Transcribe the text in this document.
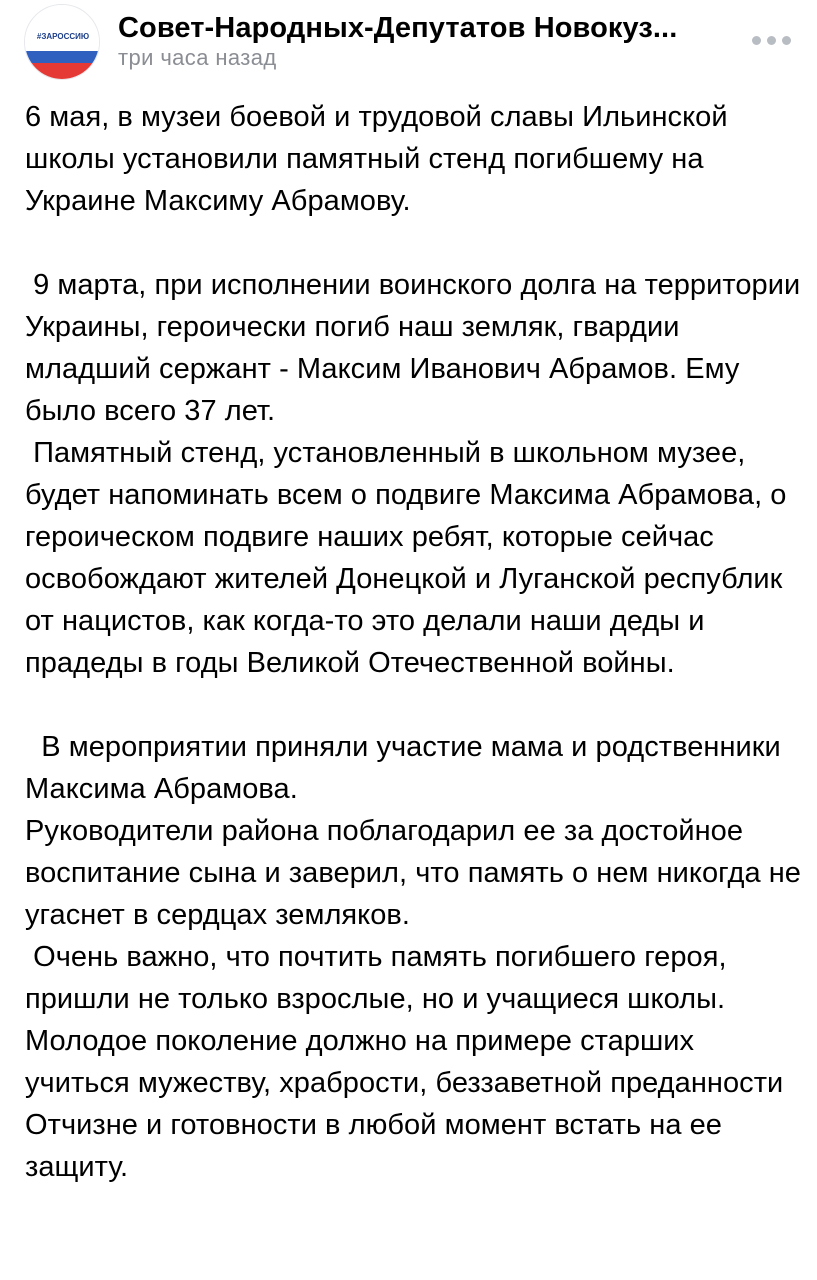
#ЗАРОССИЮ Совет-Народных-Депутатов Новокуз...
три часа назад
6 мая, в музеи боевой и трудовой славы Ильинской школы установили памятный стенд погибшему на Украине Максиму Абрамову.
9 марта, при исполнении воинского долга на территории Украины, героически погиб наш земляк, гвардии младший сержант - Максим Иванович Абрамов. Ему было всего 37 лет.
Памятный стенд, установленный в школьном музее, будет напоминать всем о подвиге Максима Абрамова, о героическом подвиге наших ребят, которые сейчас освобождают жителей Донецкой и Луганской республик от нацистов, как когда-то это делали наши деды и прадеды в годы Великой Отечественной войны.
В мероприятии приняли участие мама и родственники Максима Абрамова.
Руководители района поблагодарил ее за достойное воспитание сына и заверил, что память о нем никогда не угаснет в сердцах земляков.
Очень важно, что почтить память погибшего героя, пришли не только взрослые, но и учащиеся школы. Молодое поколение должно на примере старших учиться мужеству, храбрости, беззаветной преданности Отчизне и готовности в любой момент встать на ее защиту.
